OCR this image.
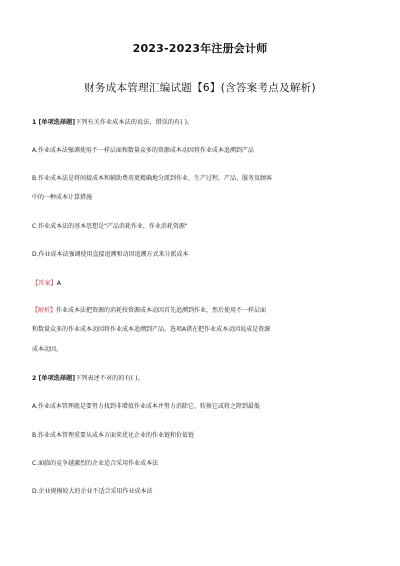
2023-2023年注册会计师
财务成本管理汇编试题【6】(含答案考点及解析)
1 [单项选择题]下列有关作业成本法的说法，错误的有( )。
A.作业成本法强调使用不一样层面和数量众多的资源成本动因将作业成本追溯到产品
B.作业成本法是将间接成本和辅助费用更精确地分派到作业、生产过程、产品、服务及顾客
中的一种成本计算措施
C.作业成本法的基本思想是"产品消耗作业，作业消耗资源"
D.作业成本法强调使用直接追溯和动因追溯方式来分派成本
【答案】A
【解析】作业成本法把资源的消耗按资源成本动因首先追溯到作业，然后使用不一样层面
和数量众多的作业成本动因将作业成本追溯到产品。选项A错在把作业成本动因说成是资源
成本动因。
2 [单项选择题]下列表述不对的的有( )。
A.作业成本管理就是要努力找到非增值作业成本并努力消除它、转换它或将之降到最低
B.作业成本管理重要从成本方面来优化企业的作业链和价值链
C.面临的竞争越激烈的企业适合采用作业成本法
D.企业规模较大的企业不适合采用作业成本法
